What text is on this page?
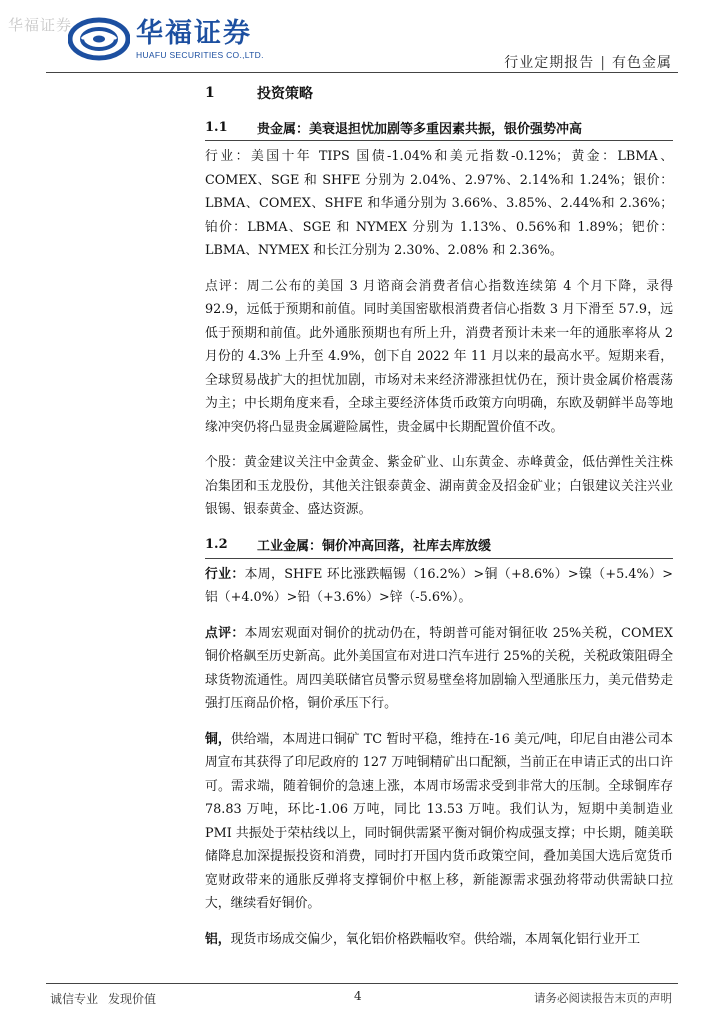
华福证券 华福证券
HUAFU SECURITIES CO.,LTD.
行业定期报告 | 有色金属
1	投资策略
1.1 贵金属：美衰退担忧加剧等多重因素共振，银价强势冲高

行业：美国十年 TIPS 国债-1.04%和美元指数-0.12%；黄金：LBMA、COMEX、SGE 和 SHFE 分别为 2.04%、2.97%、2.14%和 1.24%；银价：LBMA、COMEX、SHFE 和华通分别为 3.66%、3.85%、2.44%和 2.36%；铂价：LBMA、SGE 和 NYMEX 分别为 1.13%、0.56%和 1.89%；钯价：LBMA、NYMEX 和长江分别为 2.30%、2.08% 和 2.36%。

点评：周二公布的美国 3 月谘商会消费者信心指数连续第 4 个月下降，录得 92.9，远低于预期和前值。同时美国密歇根消费者信心指数 3 月下滑至 57.9，远低于预期和前值。此外通胀预期也有所上升，消费者预计未来一年的通胀率将从 2 月份的 4.3% 上升至 4.9%，创下自 2022 年 11 月以来的最高水平。短期来看，全球贸易战扩大的担忧加剧，市场对未来经济滞涨担忧仍在，预计贵金属价格震荡为主；中长期角度来看，全球主要经济体货币政策方向明确，东欧及朝鲜半岛等地缘冲突仍将凸显贵金属避险属性，贵金属中长期配置价值不改。

个股：黄金建议关注中金黄金、紫金矿业、山东黄金、赤峰黄金，低估弹性关注株冶集团和玉龙股份，其他关注银泰黄金、湖南黄金及招金矿业；白银建议关注兴业银锡、银泰黄金、盛达资源。

1.2 工业金属：铜价冲高回落，社库去库放缓

行业：本周，SHFE 环比涨跌幅锡（16.2%）>铜（+8.6%）>镍（+5.4%）>铝（+4.0%）>铅（+3.6%）>锌（-5.6%）。

点评：本周宏观面对铜价的扰动仍在，特朗普可能对铜征收 25%关税，COMEX 铜价格飙至历史新高。此外美国宣布对进口汽车进行 25%的关税，关税政策阻碍全球货物流通性。周四美联储官员警示贸易壁垒将加剧输入型通胀压力，美元借势走强打压商品价格，铜价承压下行。

铜，供给端，本周进口铜矿 TC 暂时平稳，维持在-16 美元/吨，印尼自由港公司本周宣布其获得了印尼政府的 127 万吨铜精矿出口配额，当前正在申请正式的出口许可。需求端，随着铜价的急速上涨，本周市场需求受到非常大的压制。全球铜库存 78.83 万吨，环比-1.06 万吨，同比 13.53 万吨。我们认为，短期中美制造业 PMI 共振处于荣枯线以上，同时铜供需紧平衡对铜价构成强支撑；中长期，随美联储降息加深提振投资和消费，同时打开国内货币政策空间，叠加美国大选后宽货币宽财政带来的通胀反弹将支撑铜价中枢上移，新能源需求强劲将带动供需缺口拉大，继续看好铜价。

铝，现货市场成交偏少，氧化铝价格跌幅收窄。供给端，本周氧化铝行业开工

诚信专业 发现价值	4	请务必阅读报告末页的声明
